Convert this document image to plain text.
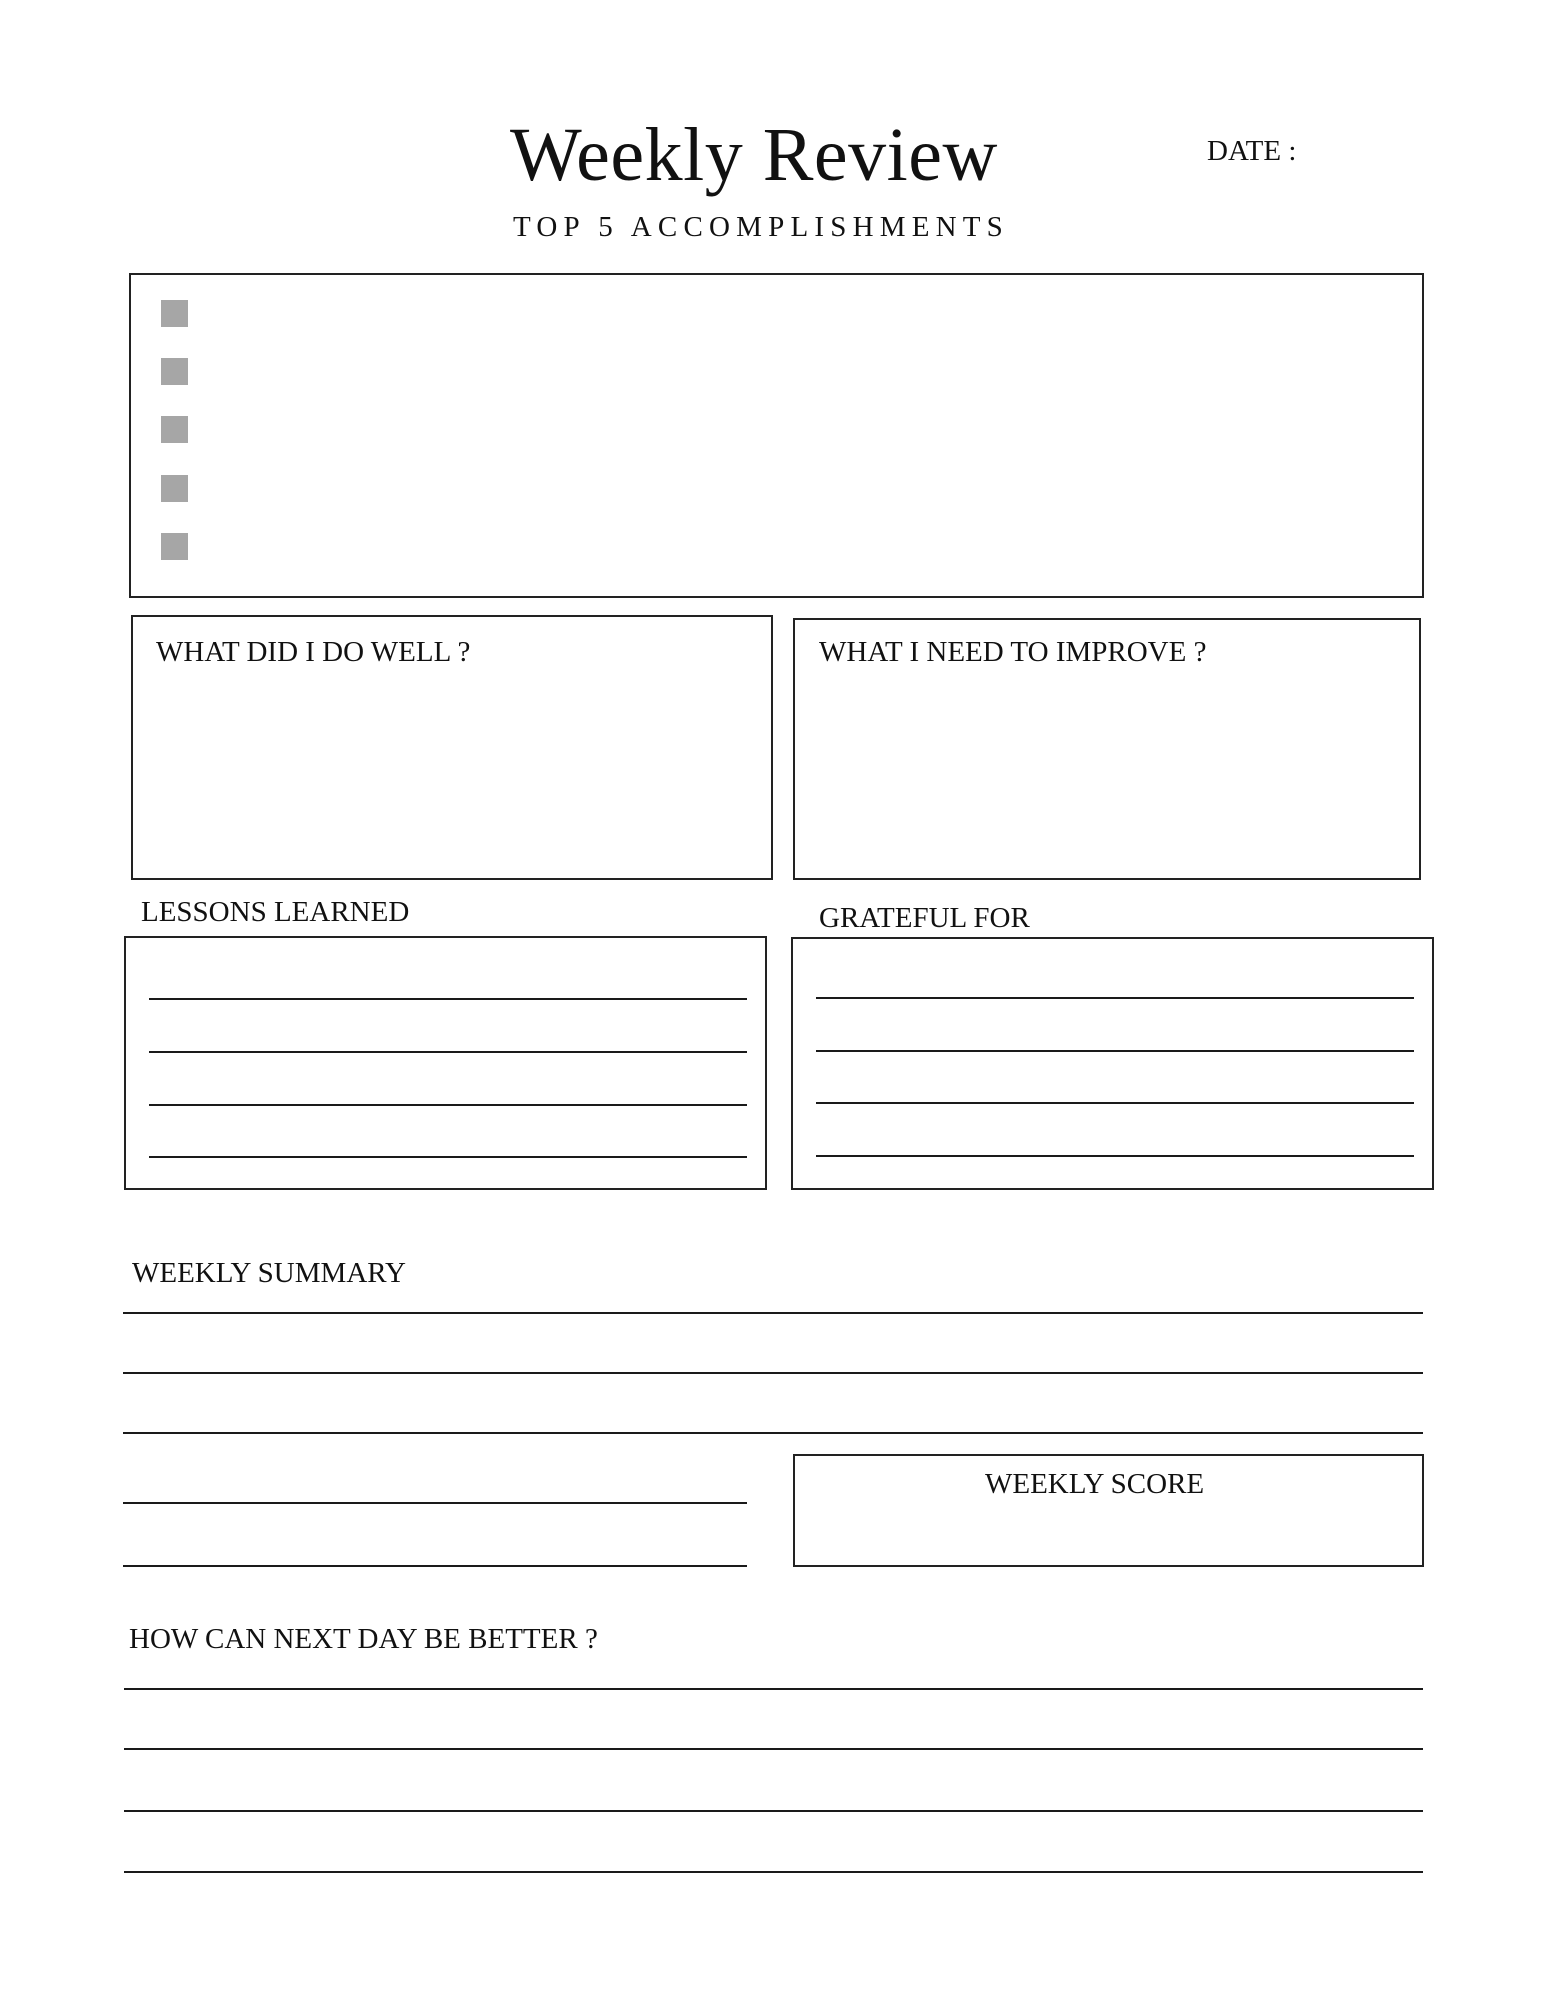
Weekly Review
TOP 5 ACCOMPLISHMENTS
DATE :
WHAT DID I DO WELL ?	WHAT I NEED TO IMPROVE ?
LESSONS LEARNED	GRATEFUL FOR
WEEKLY SUMMARY
WEEKLY SCORE
HOW CAN NEXT DAY BE BETTER ?
